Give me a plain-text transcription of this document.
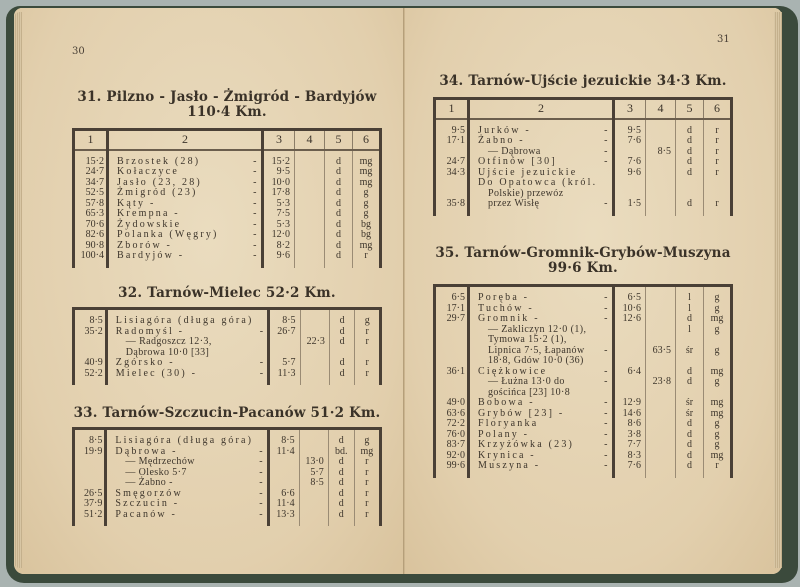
30
31. Pilzno - Jasło - Żmigród - Bardyjów
110·4 Km.
1	2		3	4	5	6
15·2	Brzostek (28)	-	15·2		d	mg
24·7	Kołaczyce	-	9·5		d	mg
34·7	Jasło (23, 28)	-	10·0		d	mg
52·5	Żmigród (23)	-	17·8		d	g
57·8	Kąty -	-	5·3		d	g
65·3	Krempna -	-	7·5		d	g
70·6	Żydowskie	-	5·3		d	bg
82·6	Polanka (Węgry)	-	12·0		d	bg
90·8	Zborów -	-	8·2		d	mg
100·4	Bardyjów -	-	9·6		d	r
32. Tarnów-Mielec 52·2 Km.
8·5	Lisiagóra (długa góra)		8·5		d	g
35·2	Radomyśl -	-	26·7		d	r
	— Radgoszcz 12·3, Dąbrowa 10·0 [33]			22·3	d	r
40·9	Zgórsko -	-	5·7		d	r
52·2	Mielec (30) -	-	11·3		d	r
33. Tarnów-Szczucin-Pacanów 51·2 Km.
8·5	Lisiagóra (długa góra)		8·5		d	g
19·9	Dąbrowa -	-	11·4		bd.	mg
	— Mędrzechów	-		13·0	d	r
	— Olesko 5·7	-		5·7	d	r
	— Żabno -	-		8·5	d	r
26·5	Smęgorzów	-	6·6		d	r
37·9	Szczucin -	-	11·4		d	r
51·2	Pacanów -	-	13·3		d	r
31
34. Tarnów-Ujście jezuickie 34·3 Km.
1	2		3	4	5	6
9·5	Jurków -	-	9·5		d	r
17·1	Żabno -	-	7·6		d	r
	— Dąbrowa	-		8·5	d	r
24·7	Otfinów [30]	-	7·6		d	r
34·3	Ujście jezuickie		9·6		d	r
	Do Opatowca (król.					
	Polskie) przewóz					
35·8	przez Wisłę	-	1·5		d	r
35. Tarnów-Gromnik-Grybów-Muszyna
99·6 Km.
6·5	Poręba -	-	6·5		l	g
17·1	Tuchów -	-	10·6		l	g
29·7	Gromnik -	-	12·6		d	mg
	— Zakliczyn 12·0 (1), Tymowa 15·2 (1),				l	g
	Lipnica 7·5, Łapanów 18·8, Gdów 10·0 (36)	-		63·5	śr	g
36·1	Ciężkowice	-	6·4		d	mg
	— Łużna 13·0 do gościńca [23] 10·8	-		23·8	d	g
49·0	Bobowa -	-	12·9		śr	mg
63·6	Grybów [23] -	-	14·6		śr	mg
72·2	Floryanka	-	8·6		d	g
76·0	Polany -	-	3·8		d	g
83·7	Krzyżówka (23)	-	7·7		d	g
92·0	Krynica -	-	8·3		d	mg
99·6	Muszyna -	-	7·6		d	r
